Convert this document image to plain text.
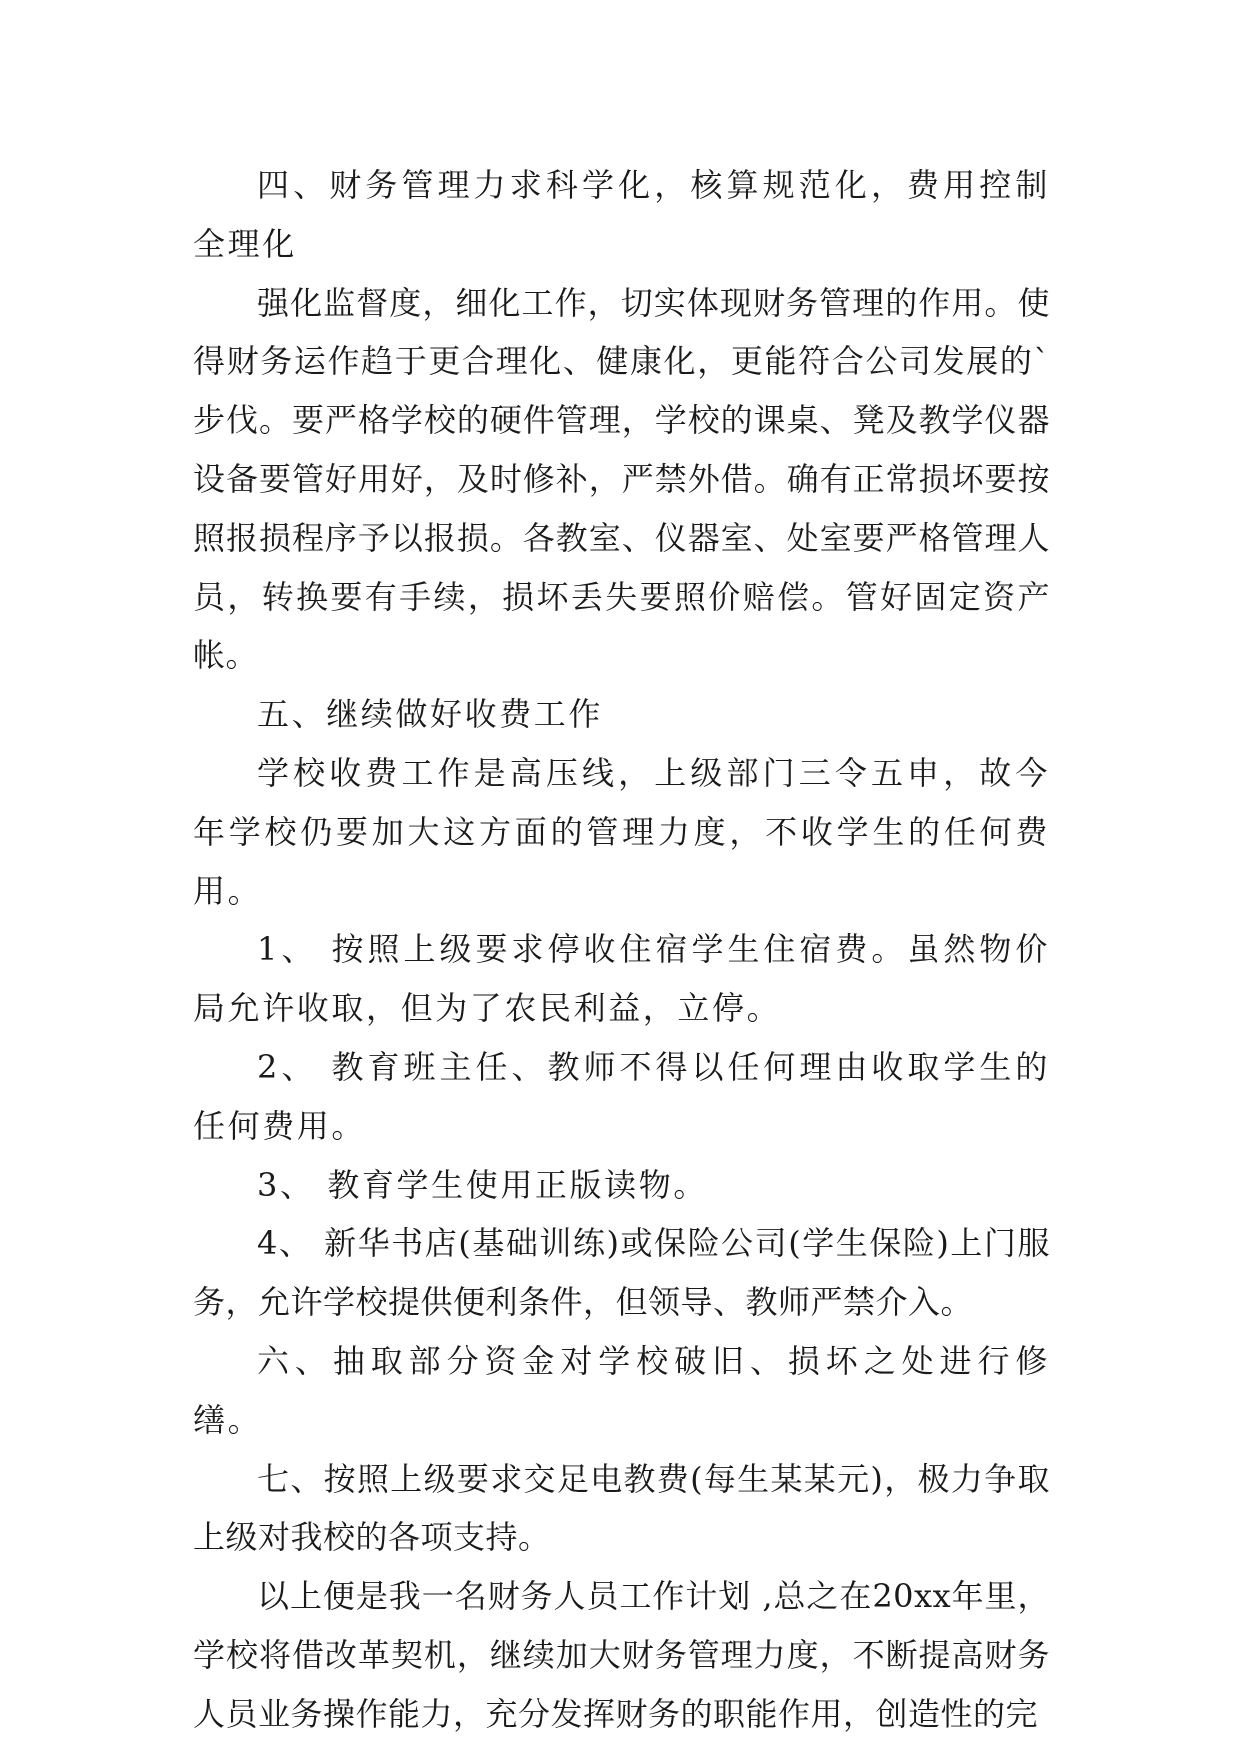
四、财务管理力求科学化，核算规范化，费用控制全理化

强化监督度，细化工作，切实体现财务管理的作用。使得财务运作趋于更合理化、健康化，更能符合公司发展的`步伐。要严格学校的硬件管理，学校的课桌、凳及教学仪器设备要管好用好，及时修补，严禁外借。确有正常损坏要按照报损程序予以报损。各教室、仪器室、处室要严格管理人员，转换要有手续，损坏丢失要照价赔偿。管好固定资产帐。

五、继续做好收费工作

学校收费工作是高压线，上级部门三令五申，故今年学校仍要加大这方面的管理力度，不收学生的任何费用。

1、 按照上级要求停收住宿学生住宿费。虽然物价局允许收取，但为了农民利益，立停。

2、 教育班主任、教师不得以任何理由收取学生的任何费用。

3、 教育学生使用正版读物。

4、 新华书店(基础训练)或保险公司(学生保险)上门服务，允许学校提供便利条件，但领导、教师严禁介入。

六、抽取部分资金对学校破旧、损坏之处进行修缮。

七、按照上级要求交足电教费(每生某某元)，极力争取上级对我校的各项支持。

以上便是我一名财务人员工作计划 ,总之在20xx年里，学校将借改革契机，继续加大财务管理力度，不断提高财务人员业务操作能力，充分发挥财务的职能作用，创造性的完
